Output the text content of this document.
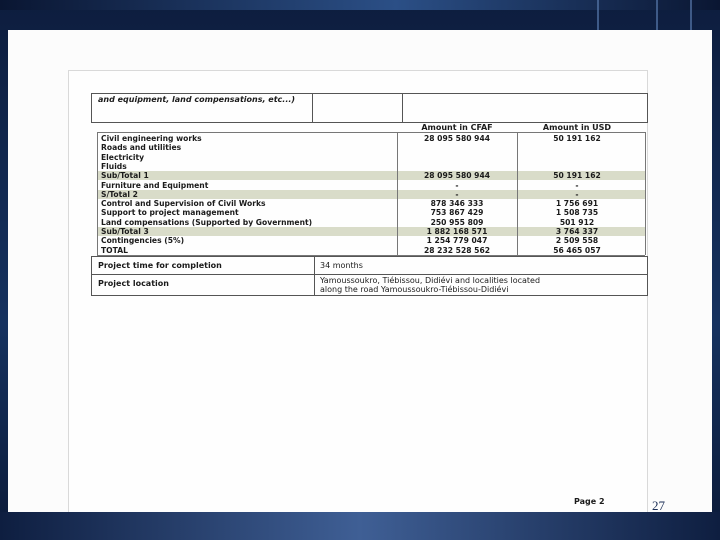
and equipment, land compensations, etc...)
Amount in CFAF	Amount in USD
Civil engineering works	28 095 580 944	50 191 162
Roads and utilities
Electricity
Fluids
Sub/Total 1	28 095 580 944	50 191 162
Furniture and Equipment	-	-
S/Total 2	-	-
Control and Supervision of Civil Works	878 346 333	1 756 691
Support to project management	753 867 429	1 508 735
Land compensations (Supported by Government)	250 955 809	501 912
Sub/Total 3	1 882 168 571	3 764 337
Contingencies (5%)	1 254 779 047	2 509 558
TOTAL	28 232 528 562	56 465 057
Project time for completion	34 months
Project location	Yamoussoukro, Tiébissou, Didiévi and localities located
along the road Yamoussoukro-Tiébissou-Didiévi
Page 2	27
